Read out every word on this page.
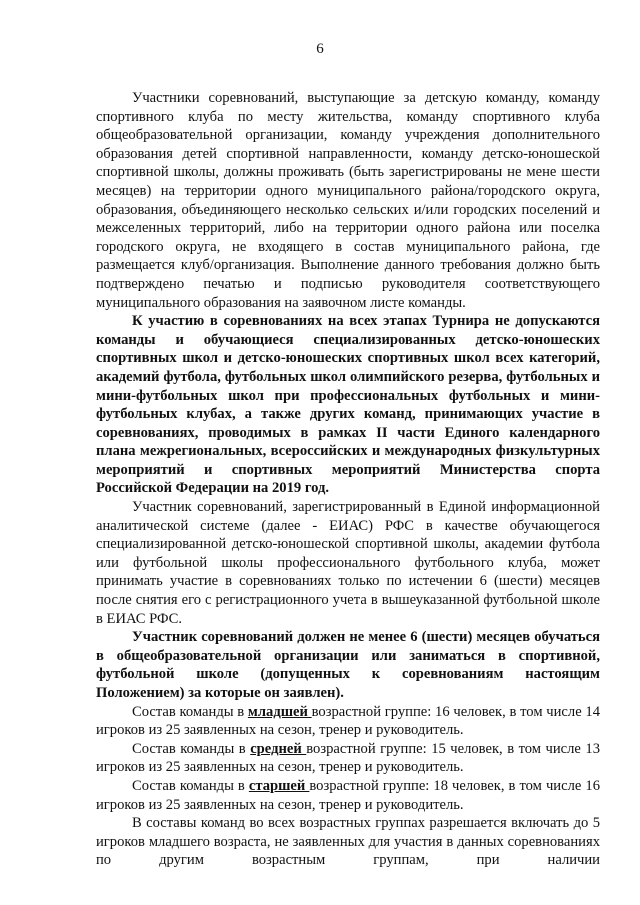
6

Участники соревнований, выступающие за детскую команду, команду спортивного клуба по месту жительства, команду спортивного клуба общеобразовательной организации, команду учреждения дополнительного образования детей спортивной направленности, команду детско-юношеской спортивной школы, должны проживать (быть зарегистрированы не мене шести месяцев) на территории одного муниципального района/городского округа, образования, объединяющего несколько сельских и/или городских поселений и межселенных территорий, либо на территории одного района или поселка городского округа, не входящего в состав муниципального района, где размещается клуб/организация. Выполнение данного требования должно быть подтверждено печатью и подписью руководителя соответствующего муниципального образования на заявочном листе команды.

К участию в соревнованиях на всех этапах Турнира не допускаются команды и обучающиеся специализированных детско-юношеских спортивных школ и детско-юношеских спортивных школ всех категорий, академий футбола, футбольных школ олимпийского резерва, футбольных и мини-футбольных школ при профессиональных футбольных и мини-футбольных клубах, а также других команд, принимающих участие в соревнованиях, проводимых в рамках II части Единого календарного плана межрегиональных, всероссийских и международных физкультурных мероприятий и спортивных мероприятий Министерства спорта Российской Федерации на 2019 год.

Участник соревнований, зарегистрированный в Единой информационной аналитической системе (далее - ЕИАС) РФС в качестве обучающегося специализированной детско-юношеской спортивной школы, академии футбола или футбольной школы профессионального футбольного клуба, может принимать участие в соревнованиях только по истечении 6 (шести) месяцев после снятия его с регистрационного учета в вышеуказанной футбольной школе в ЕИАС РФС.

Участник соревнований должен не менее 6 (шести) месяцев обучаться в общеобразовательной организации или заниматься в спортивной, футбольной школе (допущенных к соревнованиям настоящим Положением) за которые он заявлен).

Состав команды в младшей возрастной группе: 16 человек, в том числе 14 игроков из 25 заявленных на сезон, тренер и руководитель.

Состав команды в средней возрастной группе: 15 человек, в том числе 13 игроков из 25 заявленных на сезон, тренер и руководитель.

Состав команды в старшей возрастной группе: 18 человек, в том числе 16 игроков из 25 заявленных на сезон, тренер и руководитель.

В составы команд во всех возрастных группах разрешается включать до 5 игроков младшего возраста, не заявленных для участия в данных соревнованиях по другим возрастным группам, при наличии
